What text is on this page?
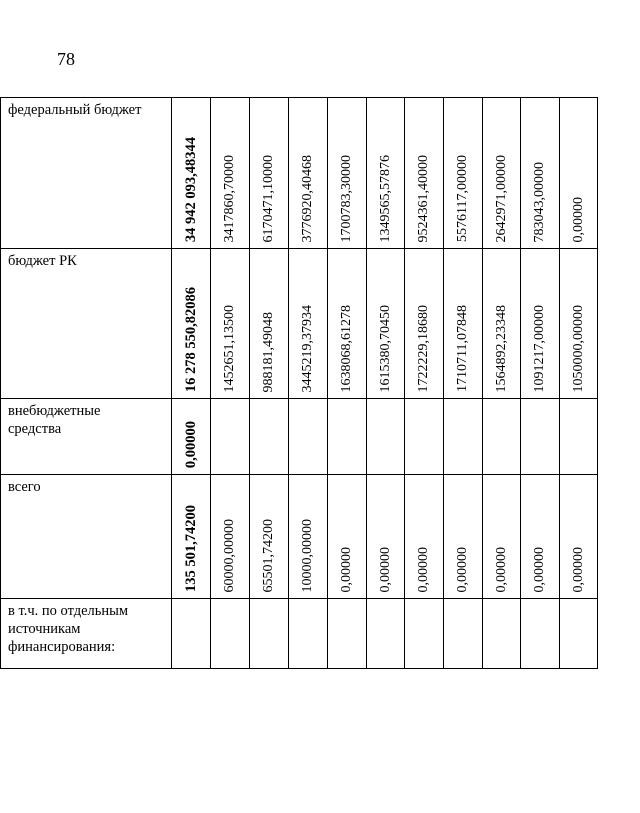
78
федеральный бюджет	34 942 093,48344	3417860,70000	6170471,10000	3776920,40468	1700783,30000	1349565,57876	9524361,40000	5576117,00000	2642971,00000	783043,00000	0,00000

бюджет РК	16 278 550,82086	1452651,13500	988181,49048	3445219,37934	1638068,61278	1615380,70450	1722229,18680	1710711,07848	1564892,23348	1091217,00000	1050000,00000

внебюджетные
средства	0,00000										

всего	135 501,74200	60000,00000	65501,74200	10000,00000	0,00000	0,00000	0,00000	0,00000	0,00000	0,00000	0,00000

в т.ч. по отдельным
источникам
финансирования:											
